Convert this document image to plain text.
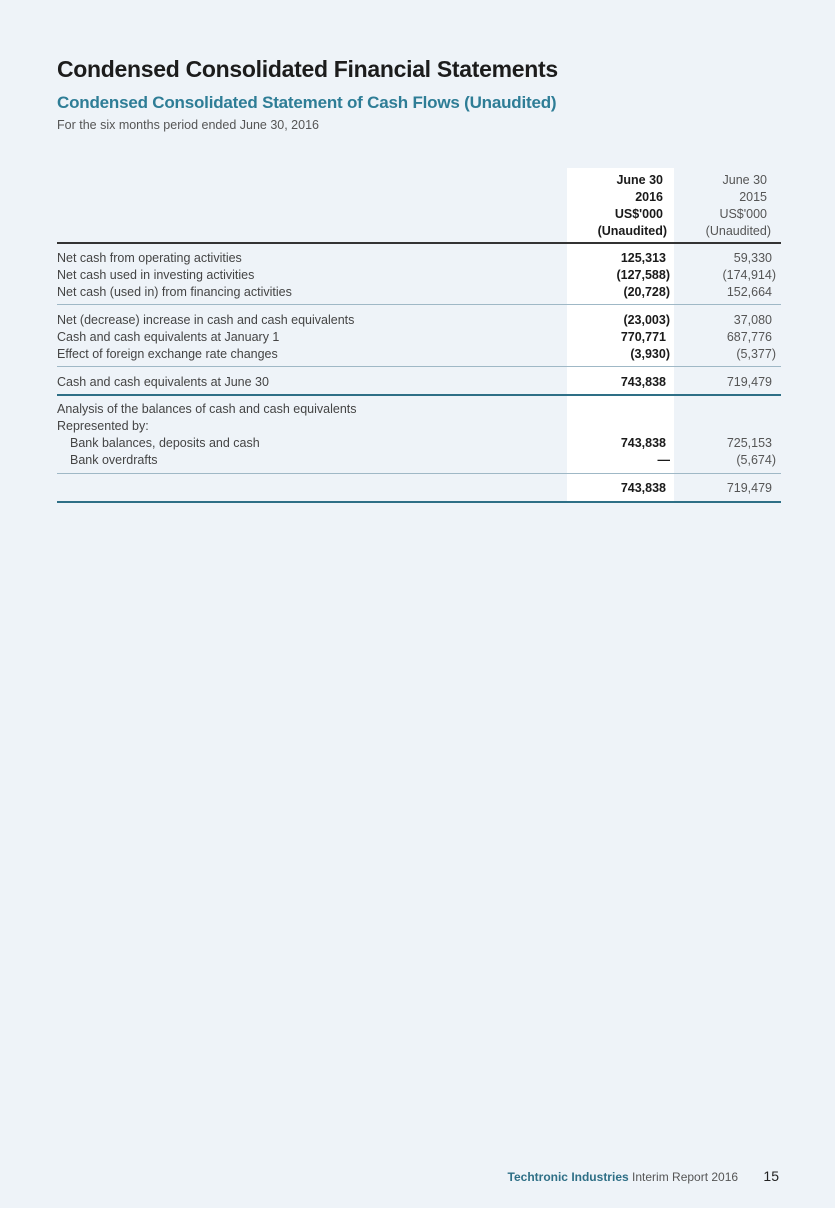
Condensed Consolidated Financial Statements
Condensed Consolidated Statement of Cash Flows (Unaudited)
For the six months period ended June 30, 2016
June 30
2016
US$'000
(Unaudited)
June 30
2015
US$'000
(Unaudited)
Net cash from operating activities	125,313	59,330
Net cash used in investing activities	(127,588)	(174,914)
Net cash (used in) from financing activities	(20,728)	152,664
Net (decrease) increase in cash and cash equivalents	(23,003)	37,080
Cash and cash equivalents at January 1	770,771	687,776
Effect of foreign exchange rate changes	(3,930)	(5,377)
Cash and cash equivalents at June 30	743,838	719,479
Analysis of the balances of cash and cash equivalents
Represented by:
Bank balances, deposits and cash	743,838	725,153
Bank overdrafts	—	(5,674)
743,838	719,479
Techtronic Industries Interim Report 2016 15
